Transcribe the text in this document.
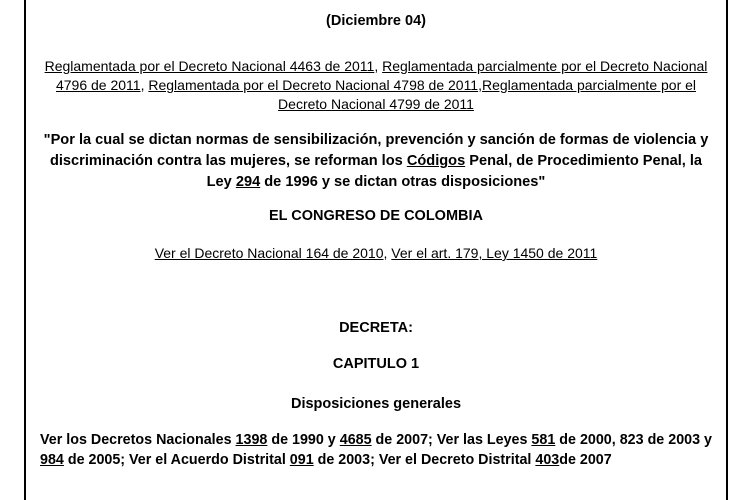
(Diciembre 04)
Reglamentada por el Decreto Nacional 4463 de 2011, Reglamentada parcialmente por el Decreto Nacional 4796 de 2011, Reglamentada por el Decreto Nacional 4798 de 2011,Reglamentada parcialmente por el Decreto Nacional 4799 de 2011
"Por la cual se dictan normas de sensibilización, prevención y sanción de formas de violencia y discriminación contra las mujeres, se reforman los Códigos Penal, de Procedimiento Penal, la Ley 294 de 1996 y se dictan otras disposiciones"
EL CONGRESO DE COLOMBIA
Ver el Decreto Nacional 164 de 2010, Ver el art. 179, Ley 1450 de 2011
DECRETA:
CAPITULO 1
Disposiciones generales
Ver los Decretos Nacionales 1398 de 1990 y 4685 de 2007; Ver las Leyes 581 de 2000, 823 de 2003 y 984 de 2005; Ver el Acuerdo Distrital 091 de 2003; Ver el Decreto Distrital 403de 2007
